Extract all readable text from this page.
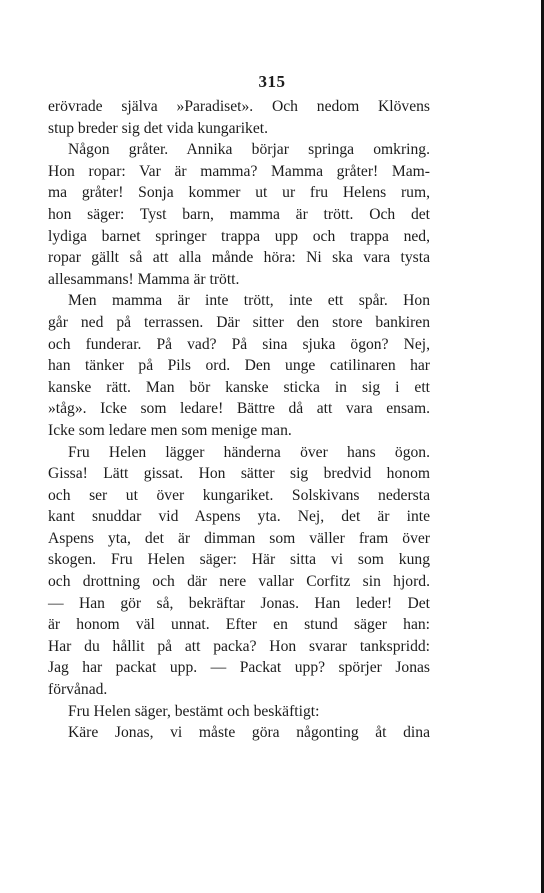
315
erövrade själva »Paradiset». Och nedom Klövens
stup breder sig det vida kungariket.
Någon gråter. Annika börjar springa omkring.
Hon ropar: Var är mamma? Mamma gråter! Mam-
ma gråter! Sonja kommer ut ur fru Helens rum,
hon säger: Tyst barn, mamma är trött. Och det
lydiga barnet springer trappa upp och trappa ned,
ropar gällt så att alla månde höra: Ni ska vara tysta
allesammans! Mamma är trött.
Men mamma är inte trött, inte ett spår. Hon
går ned på terrassen. Där sitter den store bankiren
och funderar. På vad? På sina sjuka ögon? Nej,
han tänker på Pils ord. Den unge catilinaren har
kanske rätt. Man bör kanske sticka in sig i ett
»tåg». Icke som ledare! Bättre då att vara ensam.
Icke som ledare men som menige man.
Fru Helen lägger händerna över hans ögon.
Gissa! Lätt gissat. Hon sätter sig bredvid honom
och ser ut över kungariket. Solskivans nedersta
kant snuddar vid Aspens yta. Nej, det är inte
Aspens yta, det är dimman som väller fram över
skogen. Fru Helen säger: Här sitta vi som kung
och drottning och där nere vallar Corfitz sin hjord.
— Han gör så, bekräftar Jonas. Han leder! Det
är honom väl unnat. Efter en stund säger han:
Har du hållit på att packa? Hon svarar tankspridd:
Jag har packat upp. — Packat upp? spörjer Jonas
förvånad.
Fru Helen säger, bestämt och beskäftigt:
Käre Jonas, vi måste göra någonting åt dina
